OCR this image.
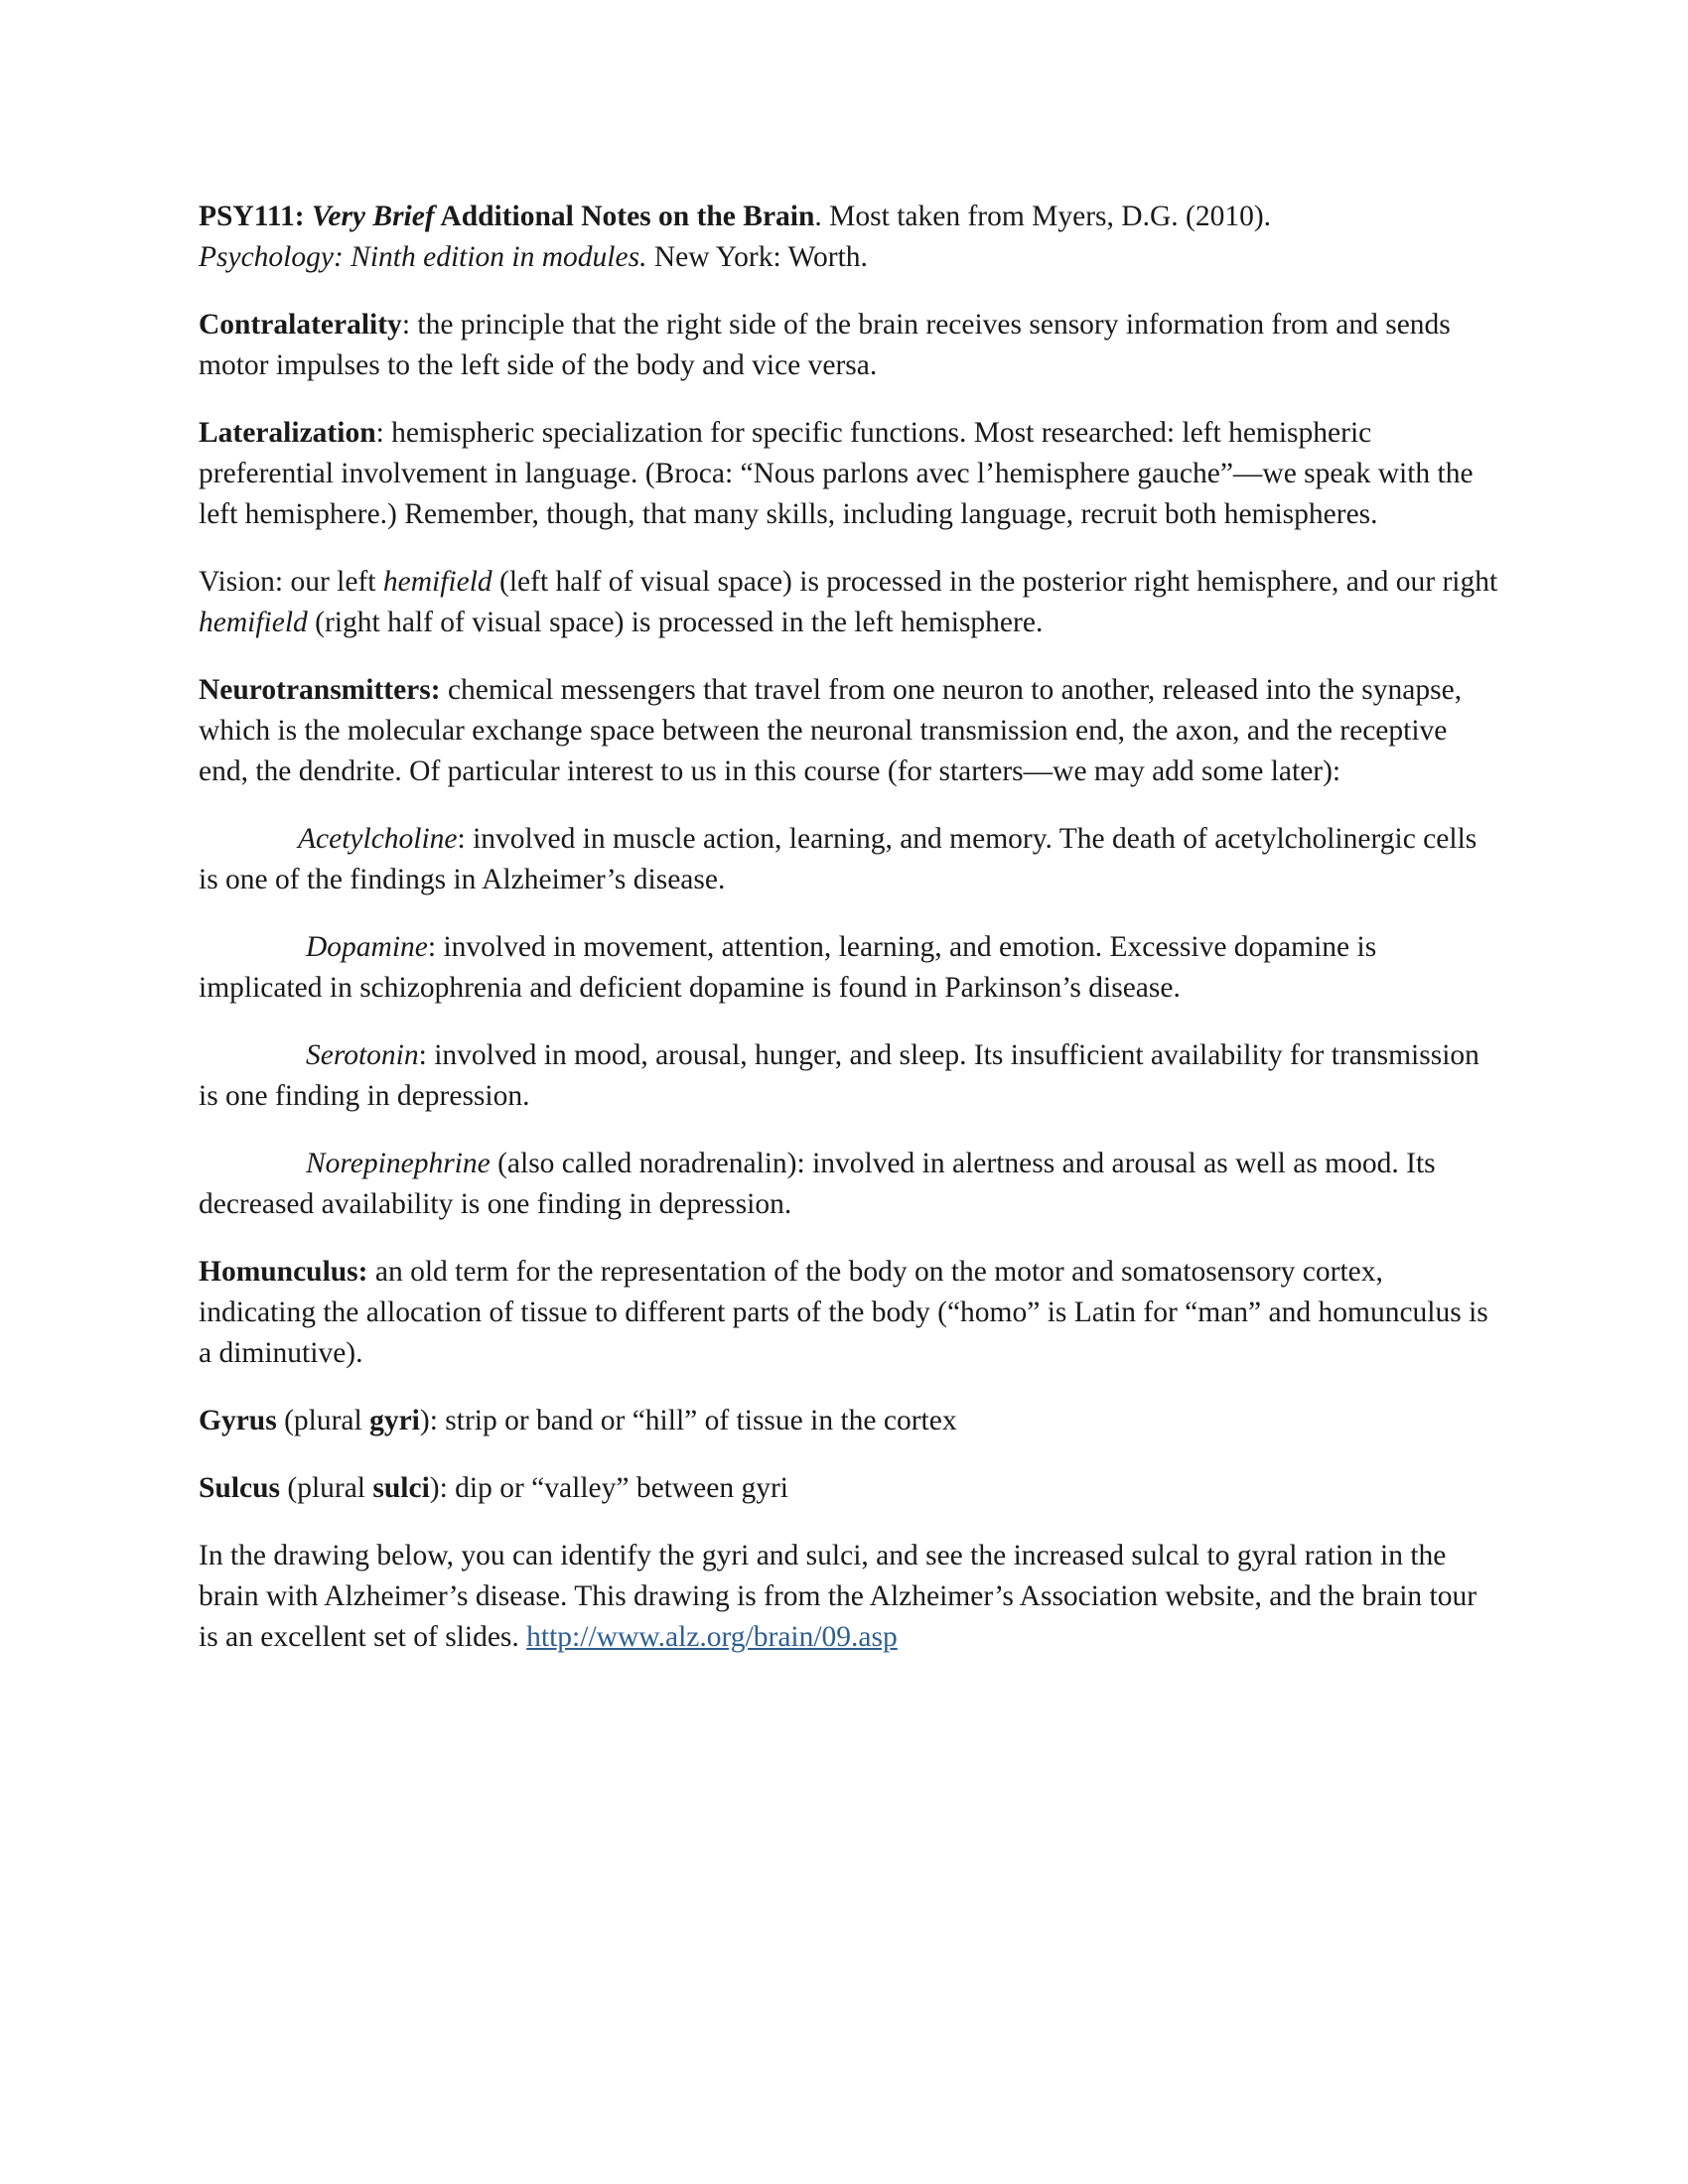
PSY111: Very Brief Additional Notes on the Brain. Most taken from Myers, D.G. (2010).
Psychology: Ninth edition in modules. New York: Worth.

Contralaterality: the principle that the right side of the brain receives sensory information from and sends motor impulses to the left side of the body and vice versa.

Lateralization: hemispheric specialization for specific functions. Most researched: left hemispheric preferential involvement in language. (Broca: “Nous parlons avec l’hemisphere gauche”—we speak with the left hemisphere.) Remember, though, that many skills, including language, recruit both hemispheres.

Vision: our left hemifield (left half of visual space) is processed in the posterior right hemisphere, and our right hemifield (right half of visual space) is processed in the left hemisphere.

Neurotransmitters: chemical messengers that travel from one neuron to another, released into the synapse, which is the molecular exchange space between the neuronal transmission end, the axon, and the receptive end, the dendrite. Of particular interest to us in this course (for starters—we may add some later):

Acetylcholine: involved in muscle action, learning, and memory. The death of acetylcholinergic cells is one of the findings in Alzheimer’s disease.

Dopamine: involved in movement, attention, learning, and emotion. Excessive dopamine is implicated in schizophrenia and deficient dopamine is found in Parkinson’s disease.

Serotonin: involved in mood, arousal, hunger, and sleep. Its insufficient availability for transmission is one finding in depression.

Norepinephrine (also called noradrenalin): involved in alertness and arousal as well as mood. Its decreased availability is one finding in depression.

Homunculus: an old term for the representation of the body on the motor and somatosensory cortex, indicating the allocation of tissue to different parts of the body (“homo” is Latin for “man” and homunculus is a diminutive).

Gyrus (plural gyri): strip or band or “hill” of tissue in the cortex

Sulcus (plural sulci): dip or “valley” between gyri

In the drawing below, you can identify the gyri and sulci, and see the increased sulcal to gyral ration in the brain with Alzheimer’s disease. This drawing is from the Alzheimer’s Association website, and the brain tour is an excellent set of slides. http://www.alz.org/brain/09.asp
